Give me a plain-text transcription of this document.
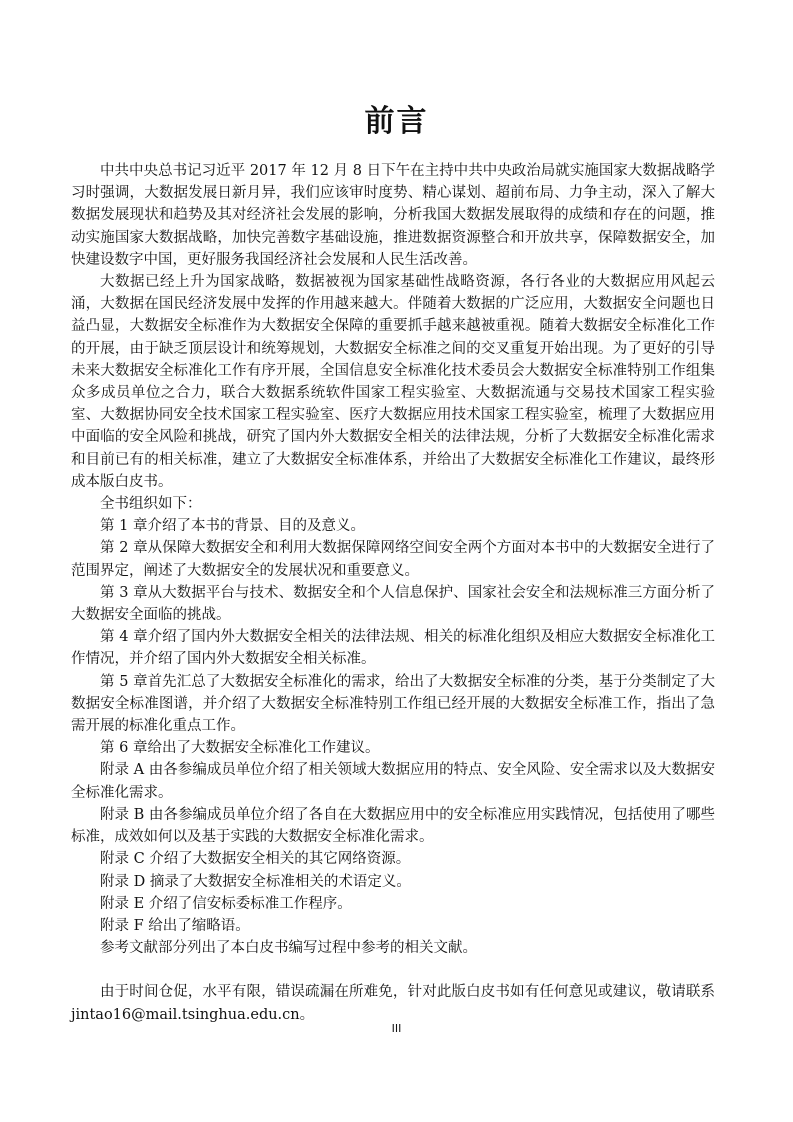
前言

中共中央总书记习近平 2017 年 12 月 8 日下午在主持中共中央政治局就实施国家大数据战略学习时强调，大数据发展日新月异，我们应该审时度势、精心谋划、超前布局、力争主动，深入了解大数据发展现状和趋势及其对经济社会发展的影响，分析我国大数据发展取得的成绩和存在的问题，推动实施国家大数据战略，加快完善数字基础设施，推进数据资源整合和开放共享，保障数据安全，加快建设数字中国，更好服务我国经济社会发展和人民生活改善。

大数据已经上升为国家战略，数据被视为国家基础性战略资源，各行各业的大数据应用风起云涌，大数据在国民经济发展中发挥的作用越来越大。伴随着大数据的广泛应用，大数据安全问题也日益凸显，大数据安全标准作为大数据安全保障的重要抓手越来越被重视。随着大数据安全标准化工作的开展，由于缺乏顶层设计和统筹规划，大数据安全标准之间的交叉重复开始出现。为了更好的引导未来大数据安全标准化工作有序开展，全国信息安全标准化技术委员会大数据安全标准特别工作组集众多成员单位之合力，联合大数据系统软件国家工程实验室、大数据流通与交易技术国家工程实验室、大数据协同安全技术国家工程实验室、医疗大数据应用技术国家工程实验室，梳理了大数据应用中面临的安全风险和挑战，研究了国内外大数据安全相关的法律法规，分析了大数据安全标准化需求和目前已有的相关标准，建立了大数据安全标准体系，并给出了大数据安全标准化工作建议，最终形成本版白皮书。

全书组织如下：

第 1 章介绍了本书的背景、目的及意义。

第 2 章从保障大数据安全和利用大数据保障网络空间安全两个方面对本书中的大数据安全进行了范围界定，阐述了大数据安全的发展状况和重要意义。

第 3 章从大数据平台与技术、数据安全和个人信息保护、国家社会安全和法规标准三方面分析了大数据安全面临的挑战。

第 4 章介绍了国内外大数据安全相关的法律法规、相关的标准化组织及相应大数据安全标准化工作情况，并介绍了国内外大数据安全相关标准。

第 5 章首先汇总了大数据安全标准化的需求，给出了大数据安全标准的分类，基于分类制定了大数据安全标准图谱，并介绍了大数据安全标准特别工作组已经开展的大数据安全标准工作，指出了急需开展的标准化重点工作。

第 6 章给出了大数据安全标准化工作建议。

附录 A 由各参编成员单位介绍了相关领域大数据应用的特点、安全风险、安全需求以及大数据安全标准化需求。

附录 B 由各参编成员单位介绍了各自在大数据应用中的安全标准应用实践情况，包括使用了哪些标准，成效如何以及基于实践的大数据安全标准化需求。

附录 C 介绍了大数据安全相关的其它网络资源。

附录 D 摘录了大数据安全标准相关的术语定义。

附录 E 介绍了信安标委标准工作程序。

附录 F 给出了缩略语。

参考文献部分列出了本白皮书编写过程中参考的相关文献。

由于时间仓促，水平有限，错误疏漏在所难免，针对此版白皮书如有任何意见或建议，敬请联系 jintao16@mail.tsinghua.edu.cn。

III
